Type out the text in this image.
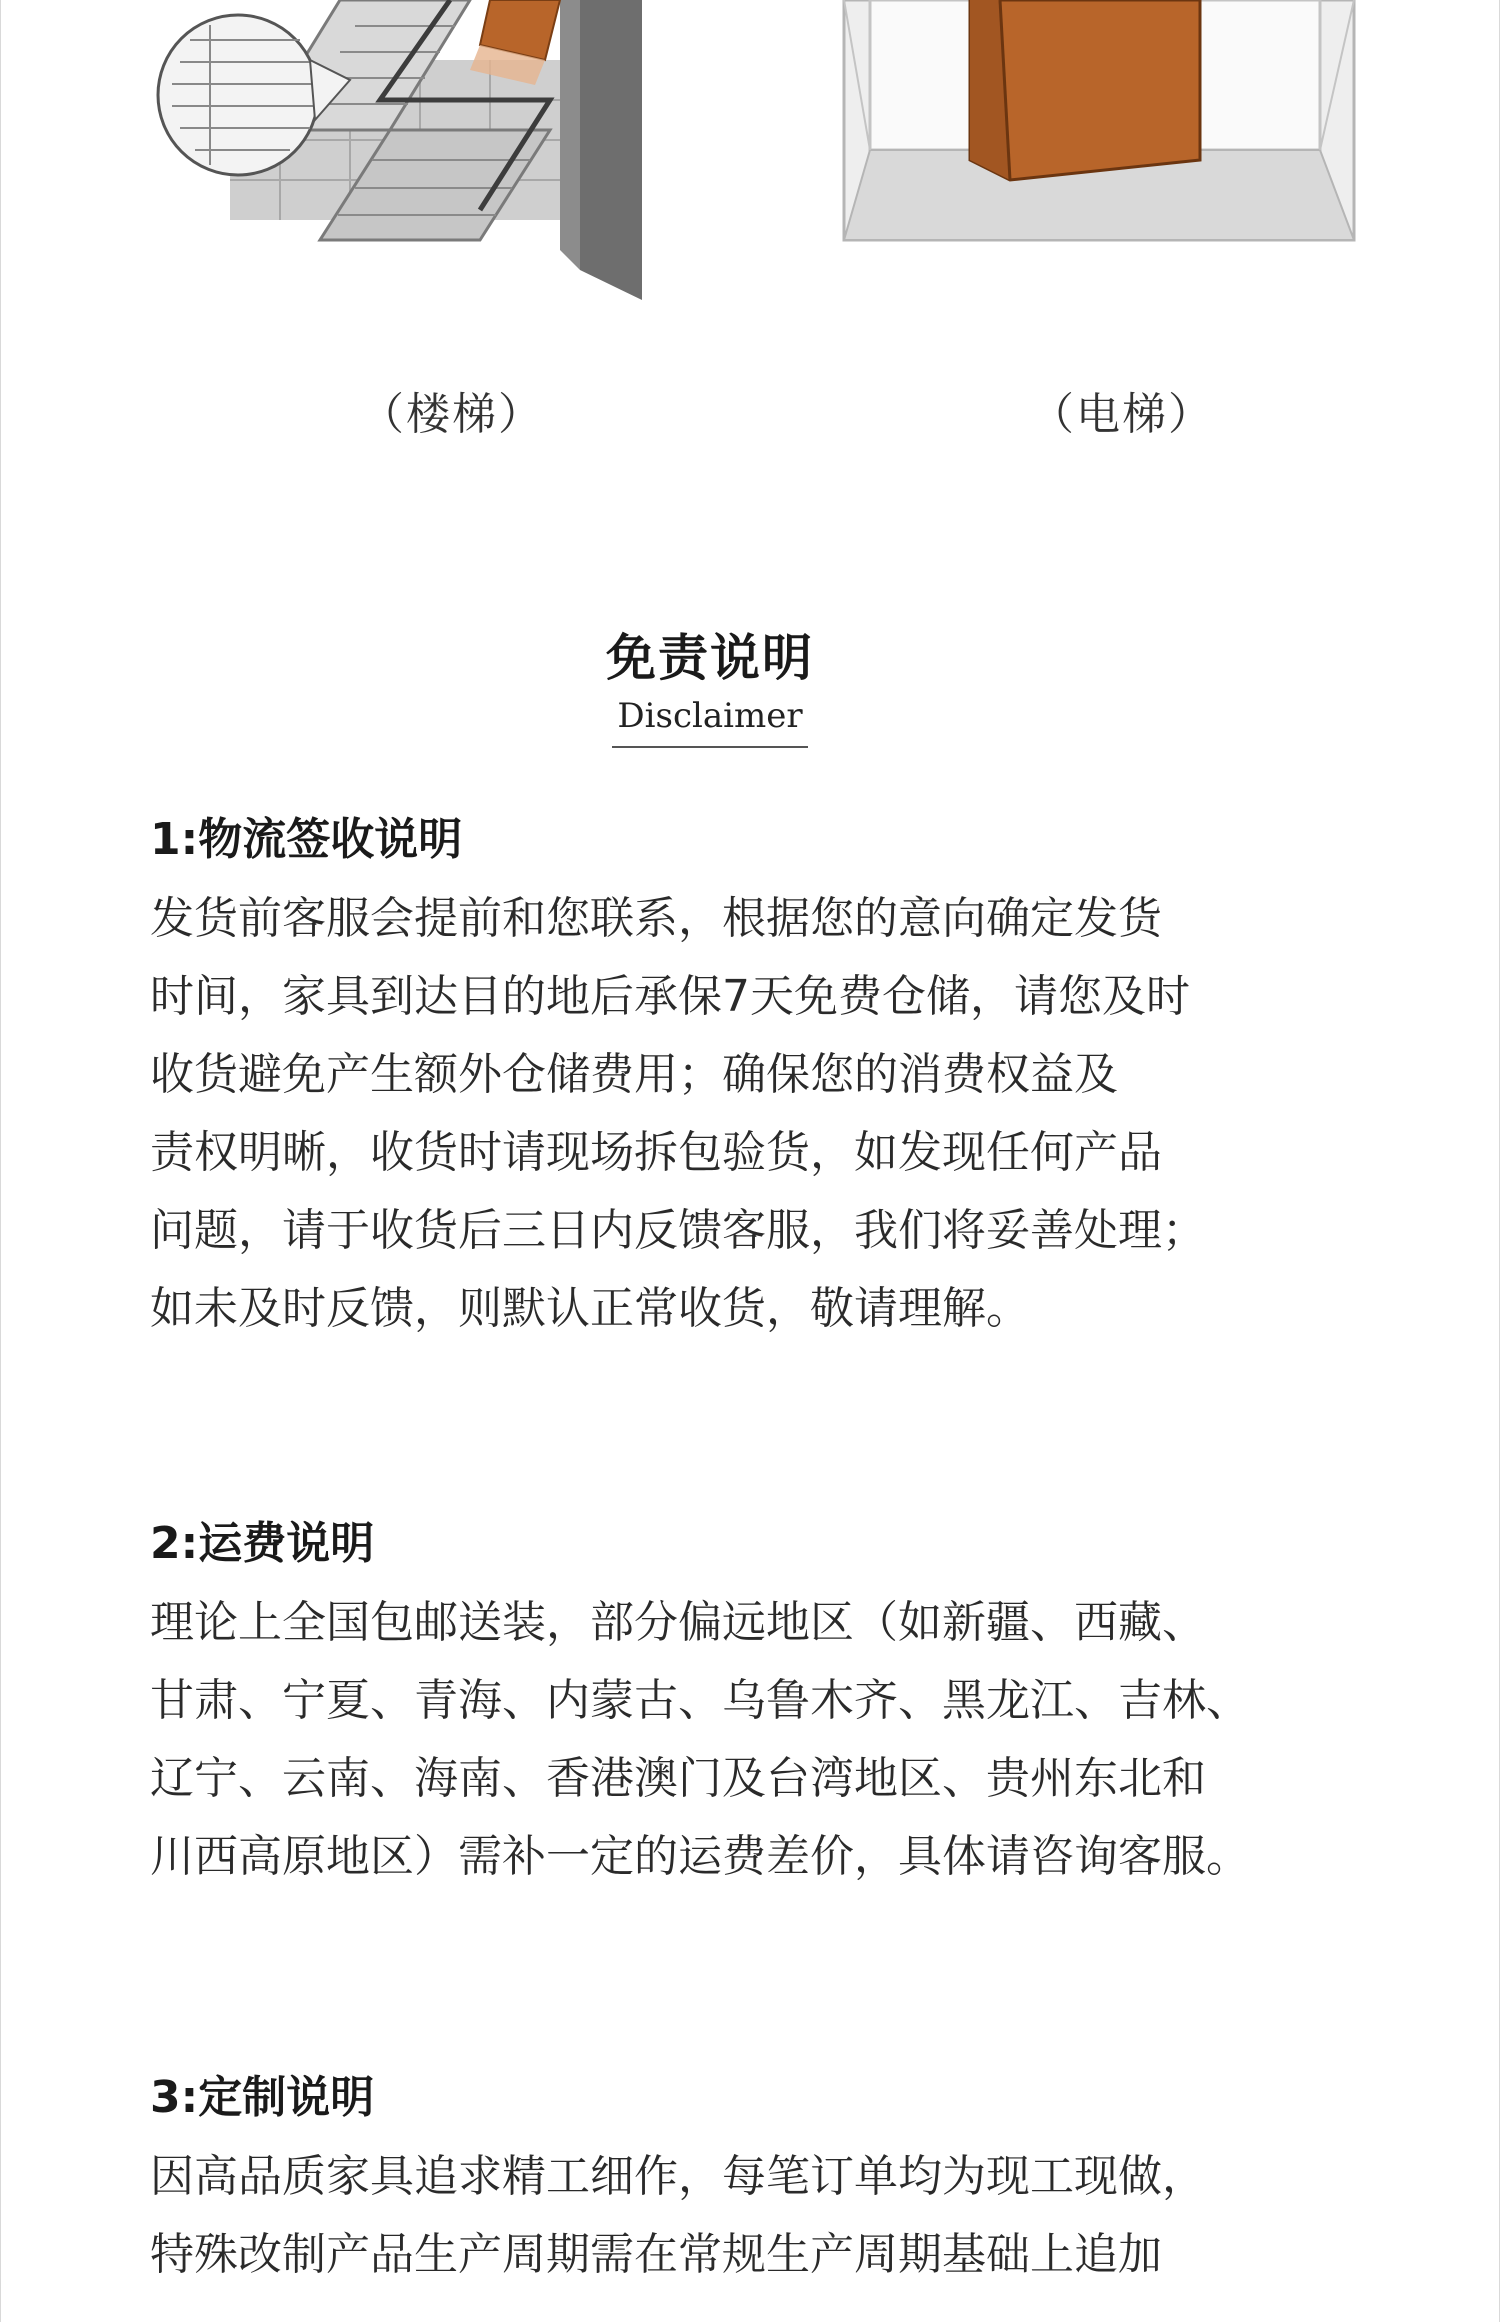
（楼梯）	（电梯）
免责说明
Disclaimer
1:物流签收说明
发货前客服会提前和您联系，根据您的意向确定发货
时间，家具到达目的地后承保7天免费仓储，请您及时
收货避免产生额外仓储费用；确保您的消费权益及
责权明晰，收货时请现场拆包验货，如发现任何产品
问题，请于收货后三日内反馈客服，我们将妥善处理；
如未及时反馈，则默认正常收货，敬请理解。
2:运费说明
理论上全国包邮送装，部分偏远地区（如新疆、西藏、
甘肃、宁夏、青海、内蒙古、乌鲁木齐、黑龙江、吉林、
辽宁、云南、海南、香港澳门及台湾地区、贵州东北和
川西高原地区）需补一定的运费差价，具体请咨询客服。
3:定制说明
因高品质家具追求精工细作，每笔订单均为现工现做，
特殊改制产品生产周期需在常规生产周期基础上追加
